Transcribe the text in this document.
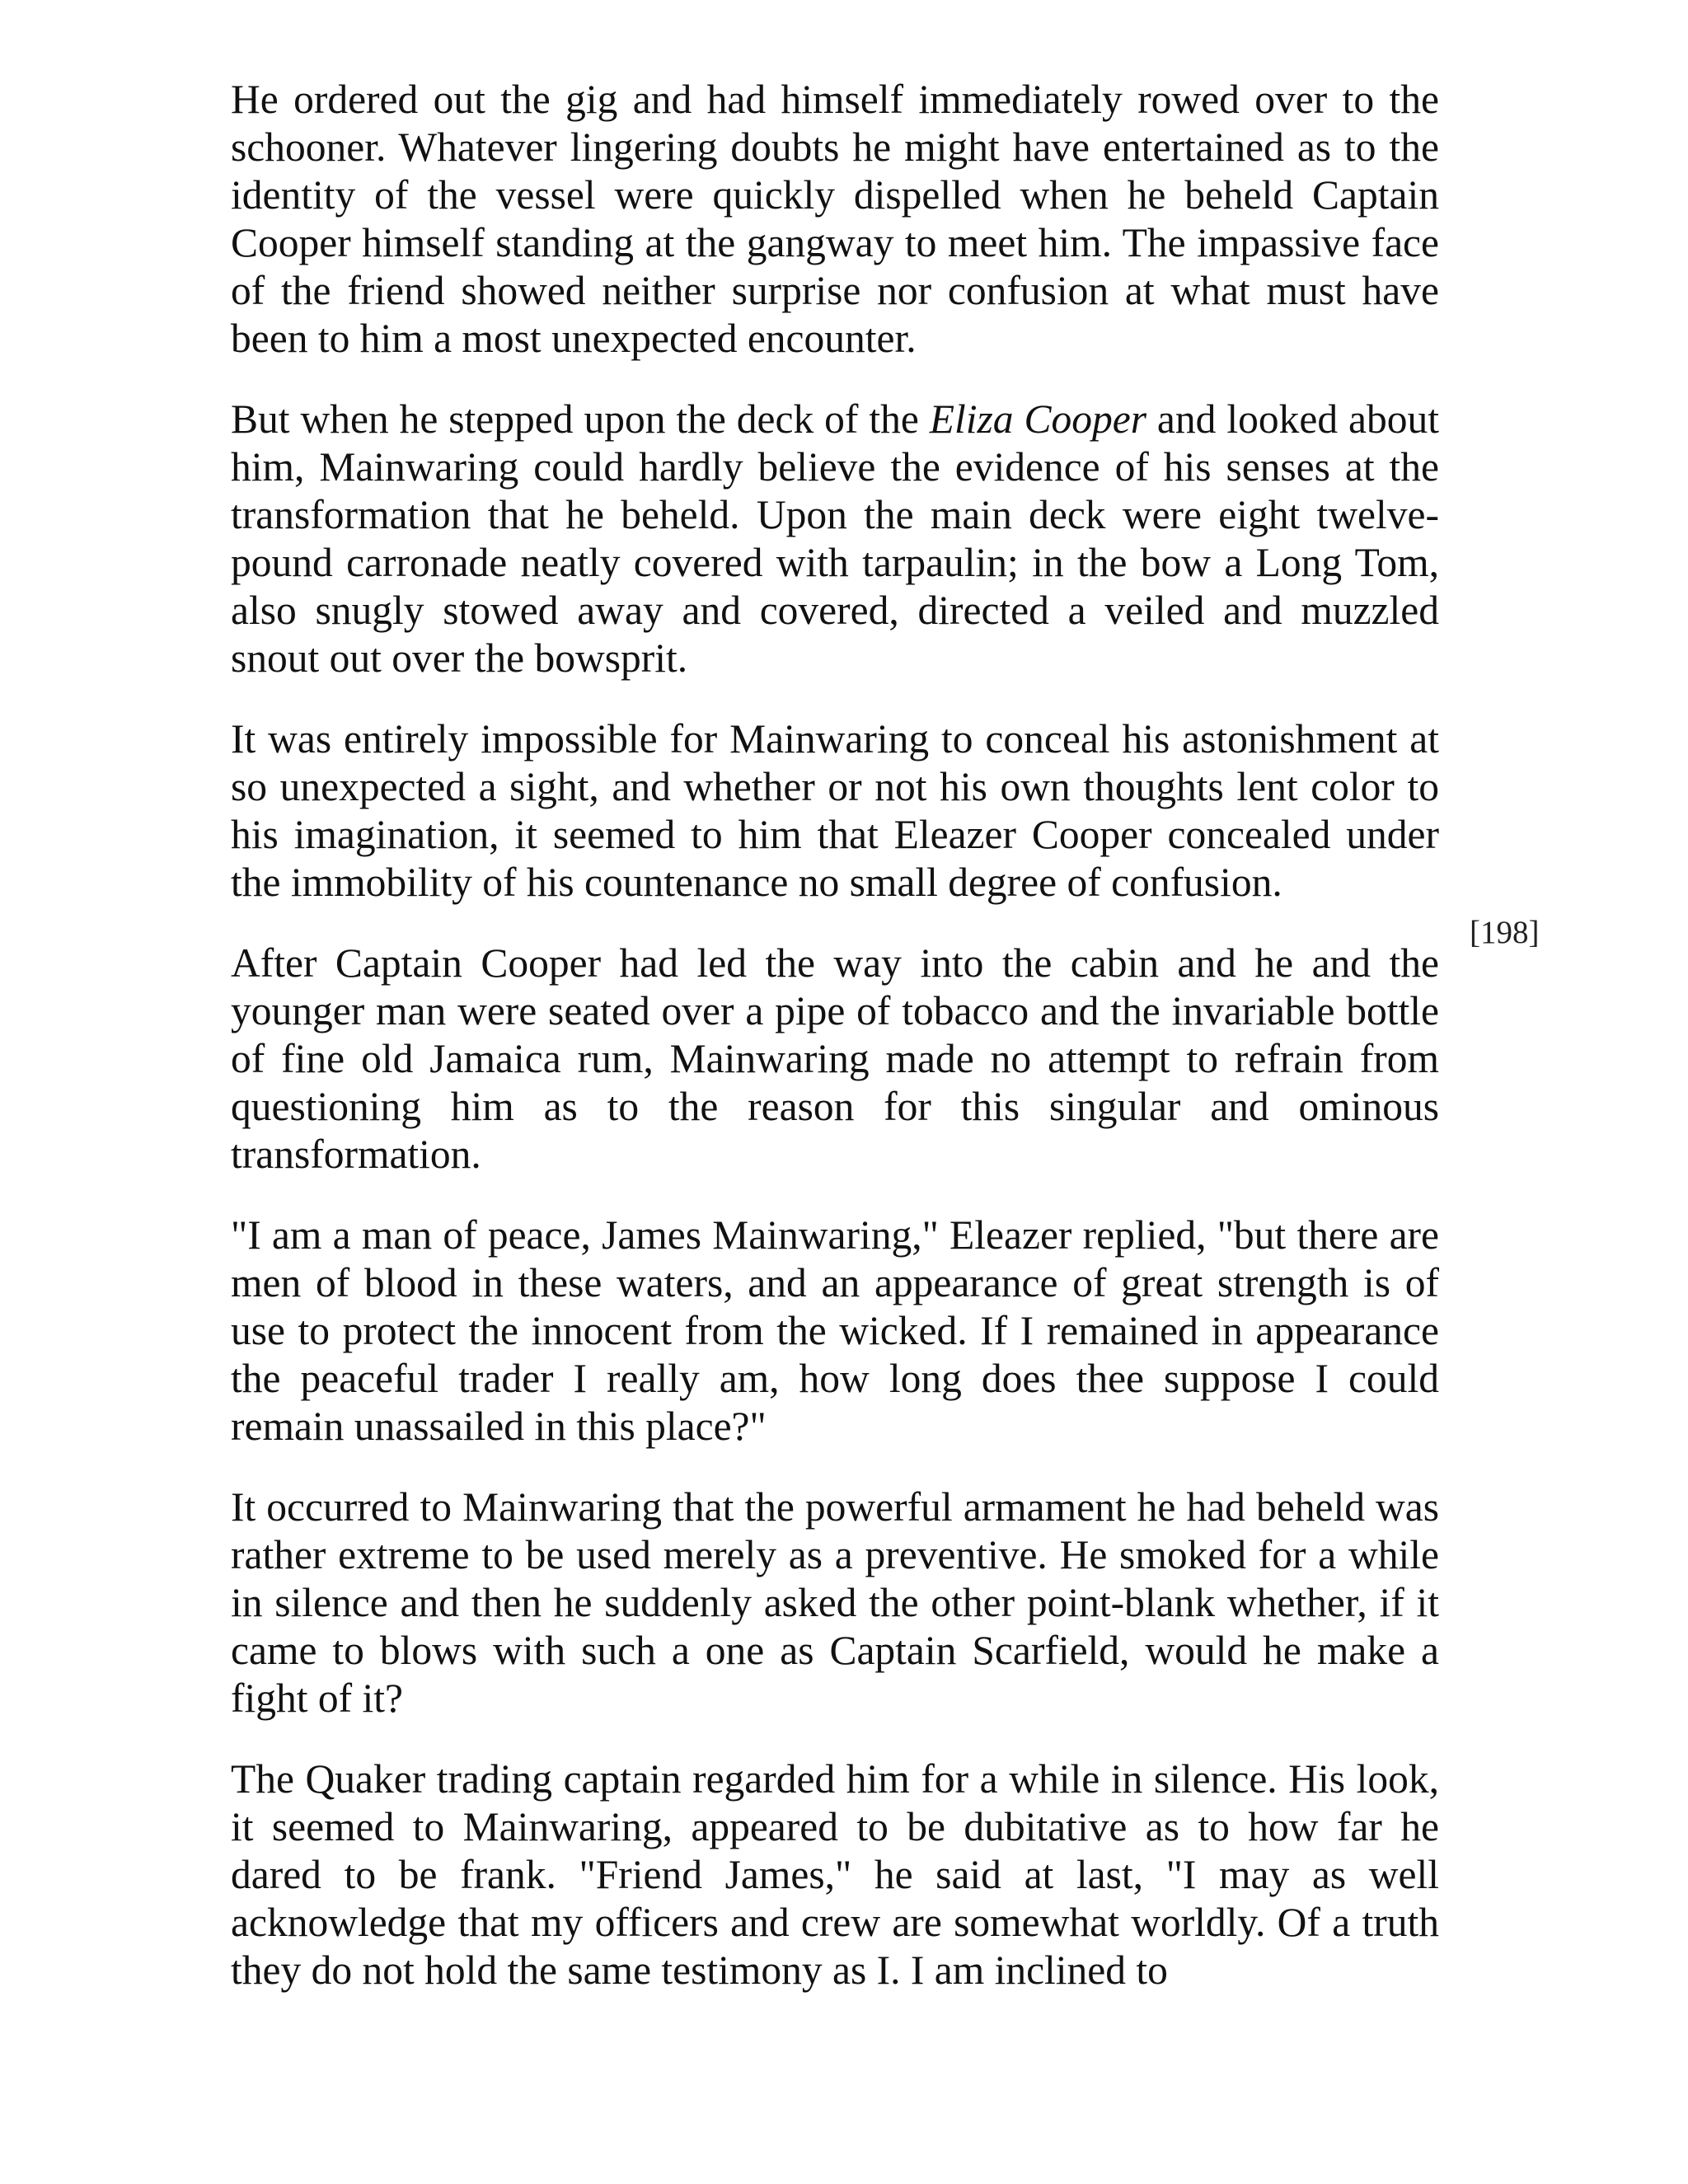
He ordered out the gig and had himself immediately rowed over to the schooner. Whatever lingering doubts he might have entertained as to the identity of the vessel were quickly dispelled when he beheld Captain Cooper himself standing at the gangway to meet him. The impassive face of the friend showed neither surprise nor confusion at what must have been to him a most unexpected encounter.

But when he stepped upon the deck of the Eliza Cooper and looked about him, Mainwaring could hardly believe the evidence of his senses at the transformation that he beheld. Upon the main deck were eight twelve-pound carronade neatly covered with tarpaulin; in the bow a Long Tom, also snugly stowed away and covered, directed a veiled and muzzled snout out over the bowsprit.

It was entirely impossible for Mainwaring to conceal his astonishment at so unexpected a sight, and whether or not his own thoughts lent color to his imagination, it seemed to him that Eleazer Cooper concealed under the immobility of his countenance no small degree of confusion.

After Captain Cooper had led the way into the cabin and he and the younger man were seated over a pipe of tobacco and the invariable bottle of fine old Jamaica rum, Mainwaring made no attempt to refrain from questioning him as to the reason for this singular and ominous transformation.

"I am a man of peace, James Mainwaring," Eleazer replied, "but there are men of blood in these waters, and an appearance of great strength is of use to protect the innocent from the wicked. If I remained in appearance the peaceful trader I really am, how long does thee suppose I could remain unassailed in this place?"

It occurred to Mainwaring that the powerful armament he had beheld was rather extreme to be used merely as a preventive. He smoked for a while in silence and then he suddenly asked the other point-blank whether, if it came to blows with such a one as Captain Scarfield, would he make a fight of it?

The Quaker trading captain regarded him for a while in silence. His look, it seemed to Mainwaring, appeared to be dubitative as to how far he dared to be frank. "Friend James," he said at last, "I may as well acknowledge that my officers and crew are somewhat worldly. Of a truth they do not hold the same testimony as I. I am inclined to

[198]
